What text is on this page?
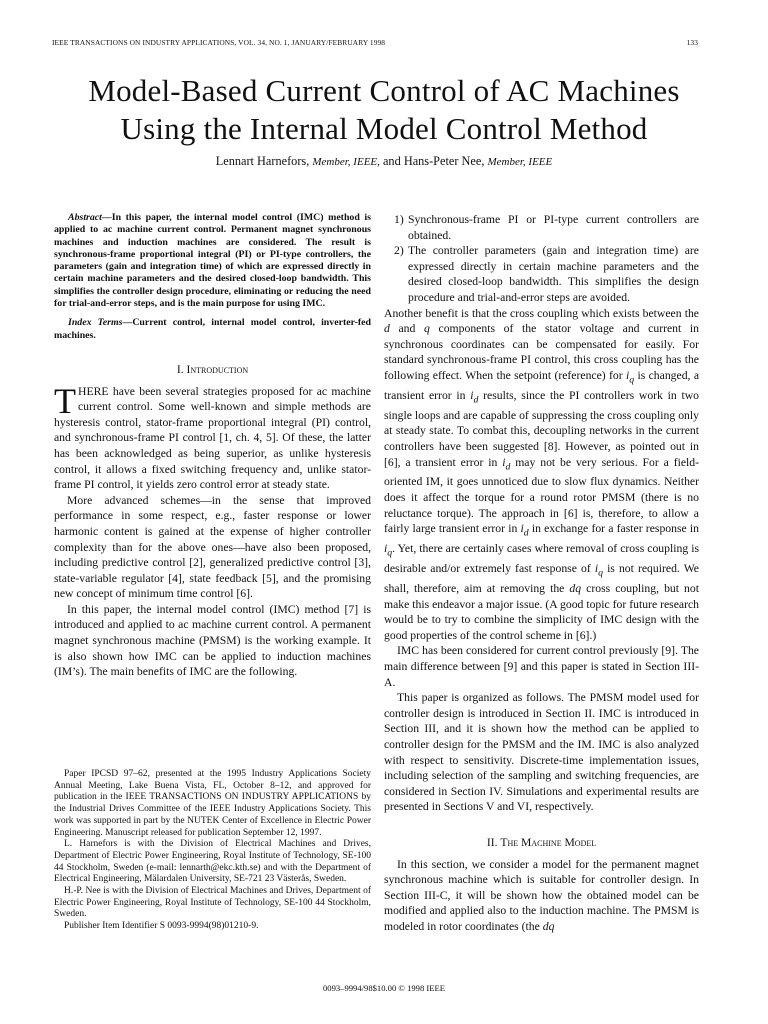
IEEE TRANSACTIONS ON INDUSTRY APPLICATIONS, VOL. 34, NO. 1, JANUARY/FEBRUARY 1998	133
Model-Based Current Control of AC Machines
Using the Internal Model Control Method
Lennart Harnefors, Member, IEEE, and Hans-Peter Nee, Member, IEEE

Abstract—In this paper, the internal model control (IMC) method is applied to ac machine current control. Permanent magnet synchronous machines and induction machines are considered. The result is synchronous-frame proportional integral (PI) or PI-type controllers, the parameters (gain and integration time) of which are expressed directly in certain machine parameters and the desired closed-loop bandwidth. This simplifies the controller design procedure, eliminating or reducing the need for trial-and-error steps, and is the main purpose for using IMC.

Index Terms—Current control, internal model control, inverter-fed machines.

I. Introduction

THERE have been several strategies proposed for ac machine current control. Some well-known and simple methods are hysteresis control, stator-frame proportional integral (PI) control, and synchronous-frame PI control [1, ch. 4, 5]. Of these, the latter has been acknowledged as being superior, as unlike hysteresis control, it allows a fixed switching frequency and, unlike stator-frame PI control, it yields zero control error at steady state.

More advanced schemes—in the sense that improved performance in some respect, e.g., faster response or lower harmonic content is gained at the expense of higher controller complexity than for the above ones—have also been proposed, including predictive control [2], generalized predictive control [3], state-variable regulator [4], state feedback [5], and the promising new concept of minimum time control [6].

In this paper, the internal model control (IMC) method [7] is introduced and applied to ac machine current control. A permanent magnet synchronous machine (PMSM) is the working example. It is also shown how IMC can be applied to induction machines (IM’s). The main benefits of IMC are the following.

Paper IPCSD 97–62, presented at the 1995 Industry Applications Society Annual Meeting, Lake Buena Vista, FL, October 8–12, and approved for publication in the IEEE TRANSACTIONS ON INDUSTRY APPLICATIONS by the Industrial Drives Committee of the IEEE Industry Applications Society. This work was supported in part by the NUTEK Center of Excellence in Electric Power Engineering. Manuscript released for publication September 12, 1997.

L. Harnefors is with the Division of Electrical Machines and Drives, Department of Electric Power Engineering, Royal Institute of Technology, SE-100 44 Stockholm, Sweden (e-mail: lennarth@ekc.kth.se) and with the Department of Electrical Engineering, Mälardalen University, SE-721 23 Västerås, Sweden.

H.-P. Nee is with the Division of Electrical Machines and Drives, Department of Electric Power Engineering, Royal Institute of Technology, SE-100 44 Stockholm, Sweden.

Publisher Item Identifier S 0093-9994(98)01210-9.

1) Synchronous-frame PI or PI-type current controllers are obtained.
2) The controller parameters (gain and integration time) are expressed directly in certain machine parameters and the desired closed-loop bandwidth. This simplifies the design procedure and trial-and-error steps are avoided.

Another benefit is that the cross coupling which exists between the d and q components of the stator voltage and current in synchronous coordinates can be compensated for easily. For standard synchronous-frame PI control, this cross coupling has the following effect. When the setpoint (reference) for $i_q$ is changed, a transient error in $i_d$ results, since the PI controllers work in two single loops and are capable of suppressing the cross coupling only at steady state. To combat this, decoupling networks in the current controllers have been suggested [8]. However, as pointed out in [6], a transient error in $i_d$ may not be very serious. For a field-oriented IM, it goes unnoticed due to slow flux dynamics. Neither does it affect the torque for a round rotor PMSM (there is no reluctance torque). The approach in [6] is, therefore, to allow a fairly large transient error in $i_d$ in exchange for a faster response in $i_q$. Yet, there are certainly cases where removal of cross coupling is desirable and/or extremely fast response of $i_q$ is not required. We shall, therefore, aim at removing the dq cross coupling, but not make this endeavor a major issue. (A good topic for future research would be to try to combine the simplicity of IMC design with the good properties of the control scheme in [6].)

IMC has been considered for current control previously [9]. The main difference between [9] and this paper is stated in Section III-A.

This paper is organized as follows. The PMSM model used for controller design is introduced in Section II. IMC is introduced in Section III, and it is shown how the method can be applied to controller design for the PMSM and the IM. IMC is also analyzed with respect to sensitivity. Discrete-time implementation issues, including selection of the sampling and switching frequencies, are considered in Section IV. Simulations and experimental results are presented in Sections V and VI, respectively.

II. The Machine Model

In this section, we consider a model for the permanent magnet synchronous machine which is suitable for controller design. In Section III-C, it will be shown how the obtained model can be modified and applied also to the induction machine. The PMSM is modeled in rotor coordinates (the dq

0093–9994/98$10.00 © 1998 IEEE
